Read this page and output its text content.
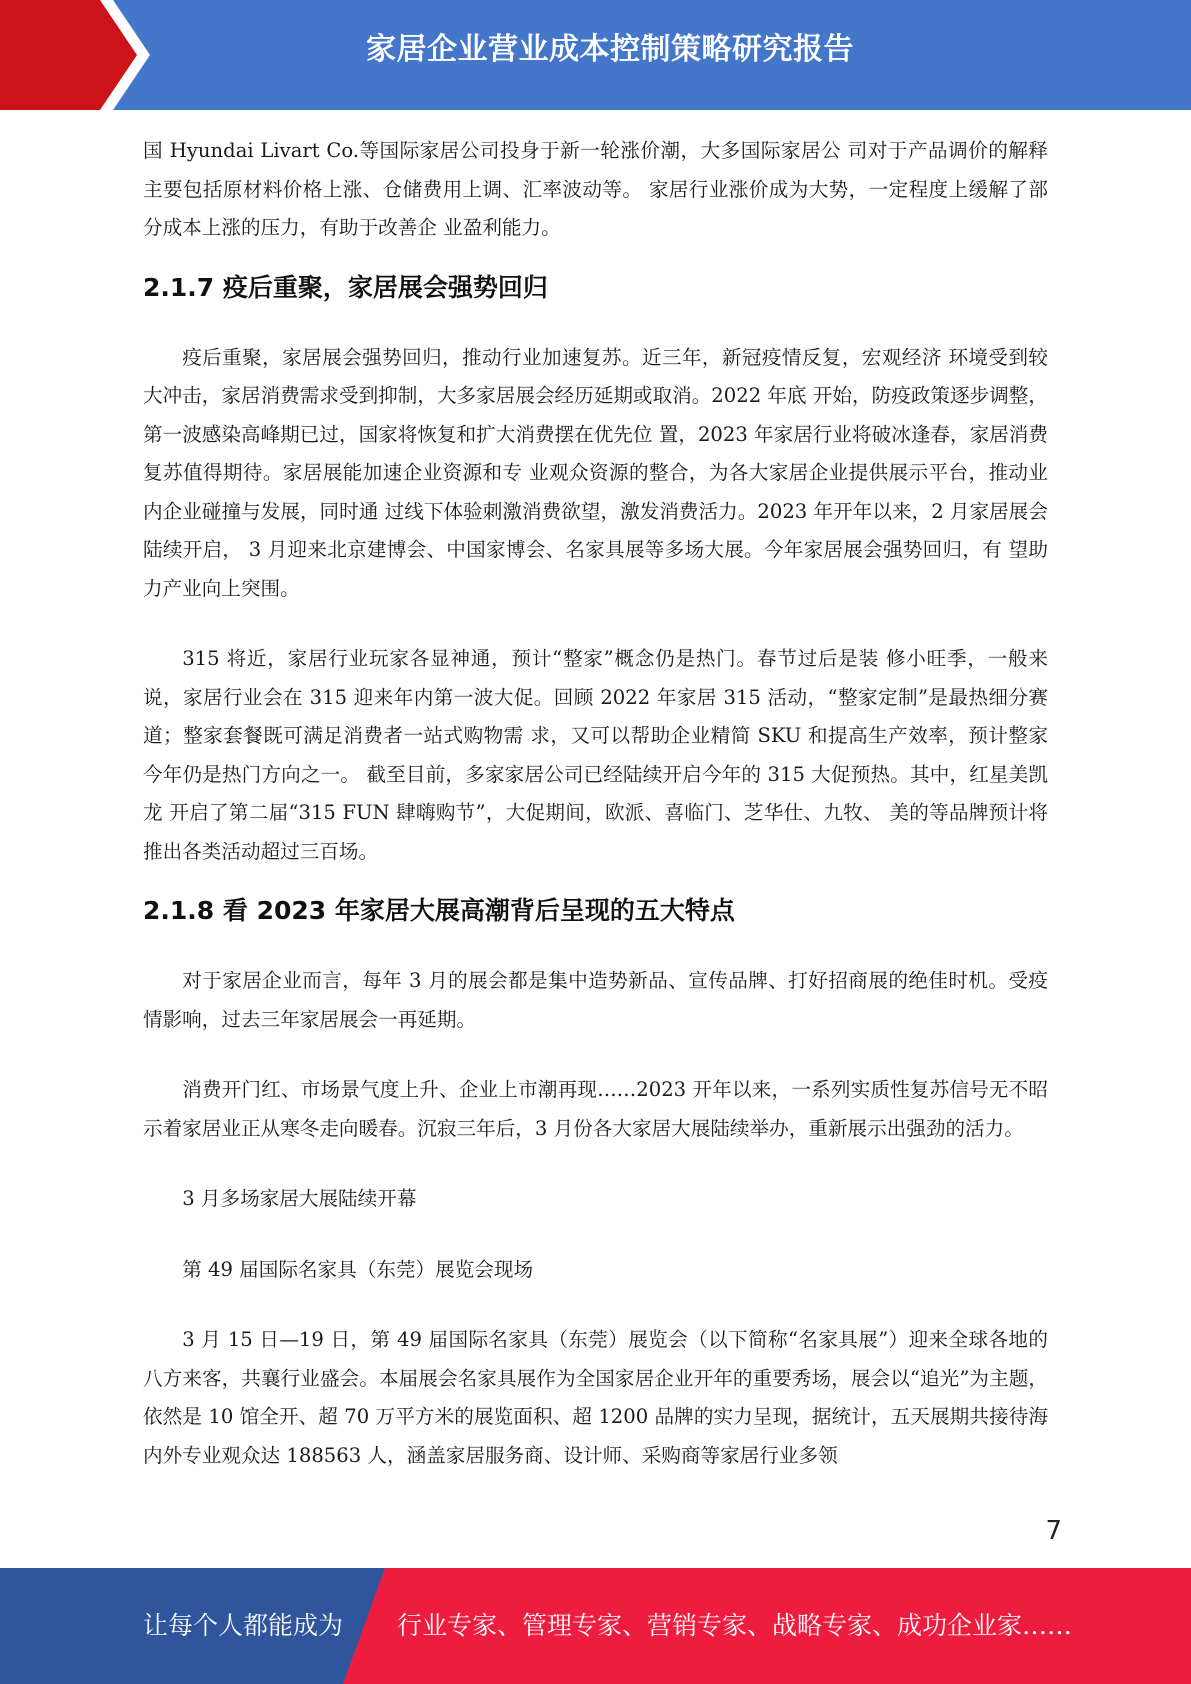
家居企业营业成本控制策略研究报告

国 Hyundai Livart Co.等国际家居公司投身于新一轮涨价潮，大多国际家居公 司对于产品调价的解释主要包括原材料价格上涨、仓储费用上调、汇率波动等。 家居行业涨价成为大势，一定程度上缓解了部分成本上涨的压力，有助于改善企 业盈利能力。

2.1.7 疫后重聚，家居展会强势回归

疫后重聚，家居展会强势回归，推动行业加速复苏。近三年，新冠疫情反复，宏观经济 环境受到较大冲击，家居消费需求受到抑制，大多家居展会经历延期或取消。2022 年底 开始，防疫政策逐步调整，第一波感染高峰期已过，国家将恢复和扩大消费摆在优先位 置，2023 年家居行业将破冰逢春，家居消费复苏值得期待。家居展能加速企业资源和专 业观众资源的整合，为各大家居企业提供展示平台，推动业内企业碰撞与发展，同时通 过线下体验刺激消费欲望，激发消费活力。2023 年开年以来，2 月家居展会陆续开启， 3 月迎来北京建博会、中国家博会、名家具展等多场大展。今年家居展会强势回归，有 望助力产业向上突围。

315 将近，家居行业玩家各显神通，预计“整家”概念仍是热门。春节过后是装 修小旺季，一般来说，家居行业会在 315 迎来年内第一波大促。回顾 2022 年家居 315 活动，“整家定制”是最热细分赛道；整家套餐既可满足消费者一站式购物需 求，又可以帮助企业精简 SKU 和提高生产效率，预计整家今年仍是热门方向之一。 截至目前，多家家居公司已经陆续开启今年的 315 大促预热。其中，红星美凯龙 开启了第二届“315 FUN 肆嗨购节”，大促期间，欧派、喜临门、芝华仕、九牧、 美的等品牌预计将推出各类活动超过三百场。

2.1.8 看 2023 年家居大展高潮背后呈现的五大特点

对于家居企业而言，每年 3 月的展会都是集中造势新品、宣传品牌、打好招商展的绝佳时机。受疫情影响，过去三年家居展会一再延期。

消费开门红、市场景气度上升、企业上市潮再现……2023 开年以来，一系列实质性复苏信号无不昭示着家居业正从寒冬走向暖春。沉寂三年后，3 月份各大家居大展陆续举办，重新展示出强劲的活力。

3 月多场家居大展陆续开幕

第 49 届国际名家具（东莞）展览会现场

3 月 15 日—19 日，第 49 届国际名家具（东莞）展览会（以下简称“名家具展”）迎来全球各地的八方来客，共襄行业盛会。本届展会名家具展作为全国家居企业开年的重要秀场，展会以“追光”为主题，依然是 10 馆全开、超 70 万平方米的展览面积、超 1200 品牌的实力呈现，据统计，五天展期共接待海内外专业观众达 188563 人，涵盖家居服务商、设计师、采购商等家居行业多领

7
让每个人都能成为 行业专家、管理专家、营销专家、战略专家、成功企业家……
